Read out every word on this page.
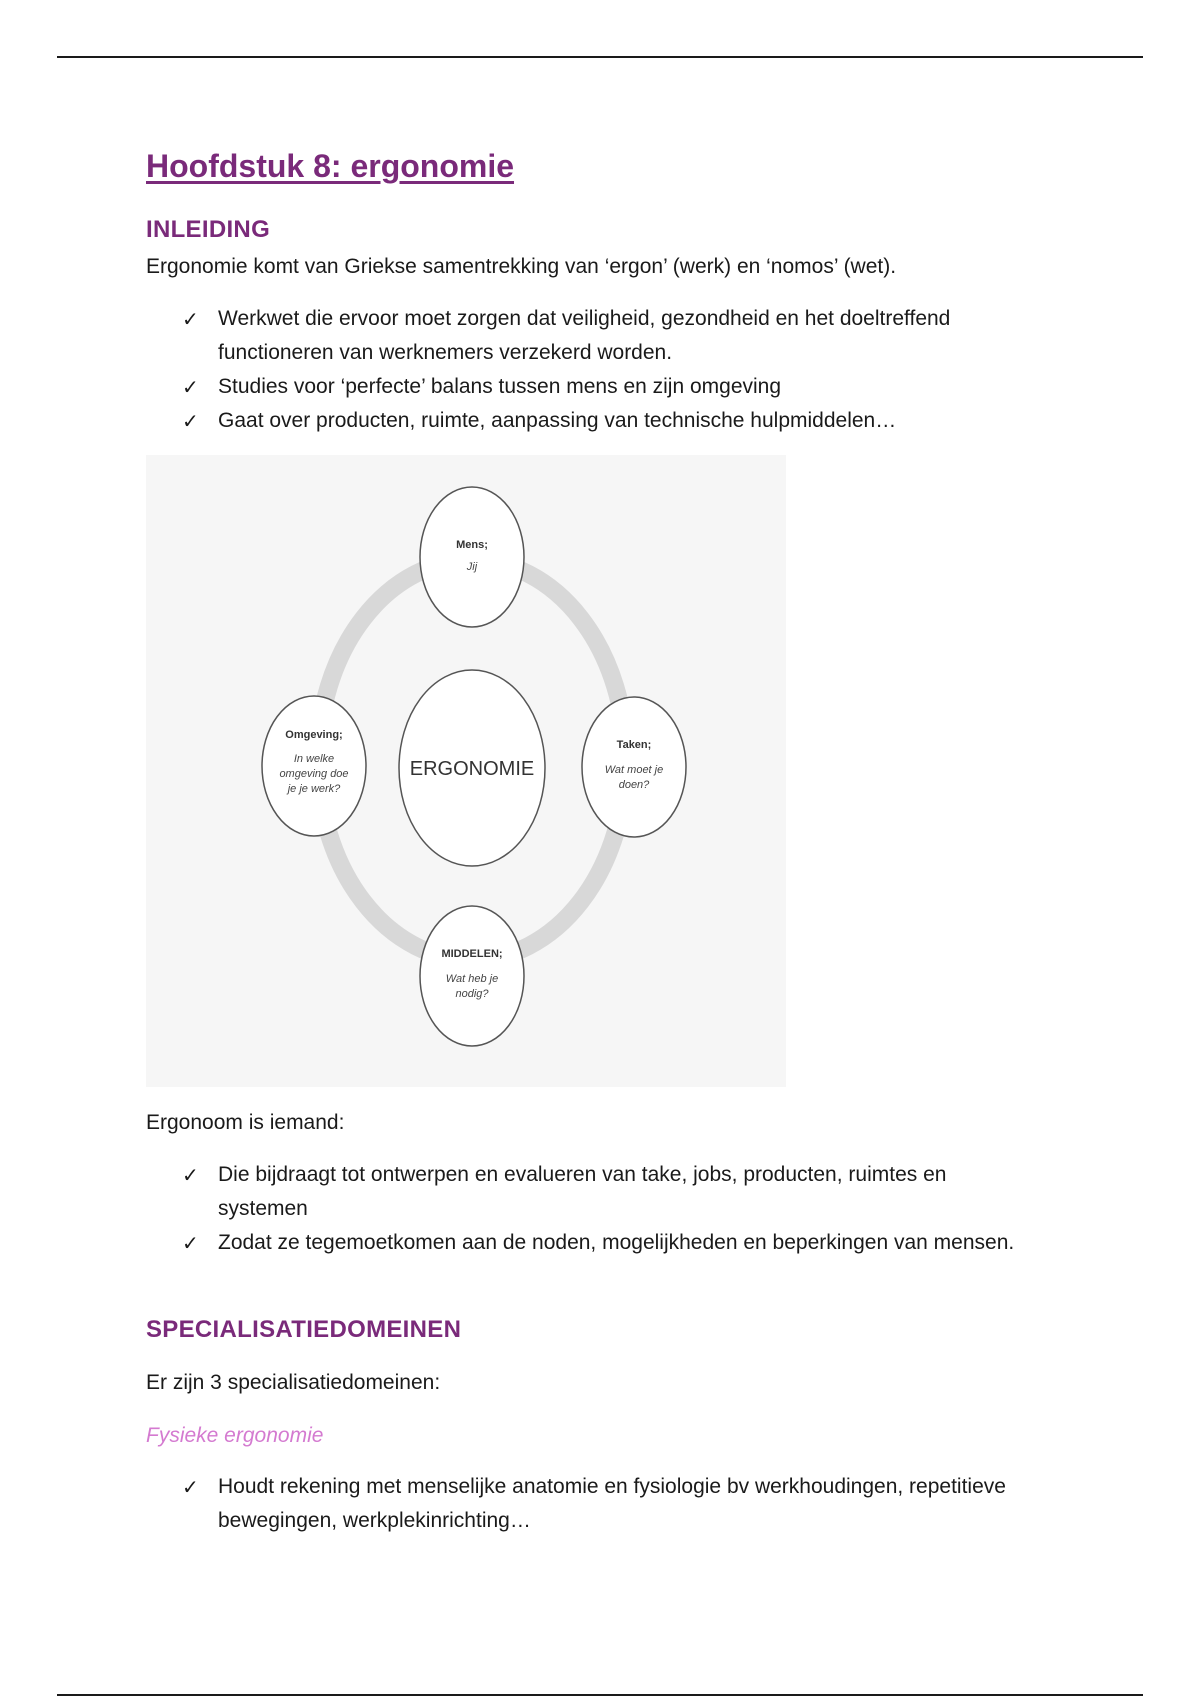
Hoofdstuk 8: ergonomie
INLEIDING

Ergonomie komt van Griekse samentrekking van ‘ergon’ (werk) en ‘nomos’ (wet).

✓ Werkwet die ervoor moet zorgen dat veiligheid, gezondheid en het doeltreffend functioneren van werknemers verzekerd worden.
✓ Studies voor ‘perfecte’ balans tussen mens en zijn omgeving
✓ Gaat over producten, ruimte, aanpassing van technische hulpmiddelen…
ERGONOMIE
Mens;
Jij
Taken;
Wat moet je
doen?
MIDDELEN;
Wat heb je
nodig?
Omgeving;
In welke
omgeving doe
je je werk?

Ergonoom is iemand:

✓ Die bijdraagt tot ontwerpen en evalueren van take, jobs, producten, ruimtes en systemen
✓ Zodat ze tegemoetkomen aan de noden, mogelijkheden en beperkingen van mensen.
SPECIALISATIEDOMEINEN

Er zijn 3 specialisatiedomeinen:

Fysieke ergonomie

✓ Houdt rekening met menselijke anatomie en fysiologie bv werkhoudingen, repetitieve bewegingen, werkplekinrichting…
